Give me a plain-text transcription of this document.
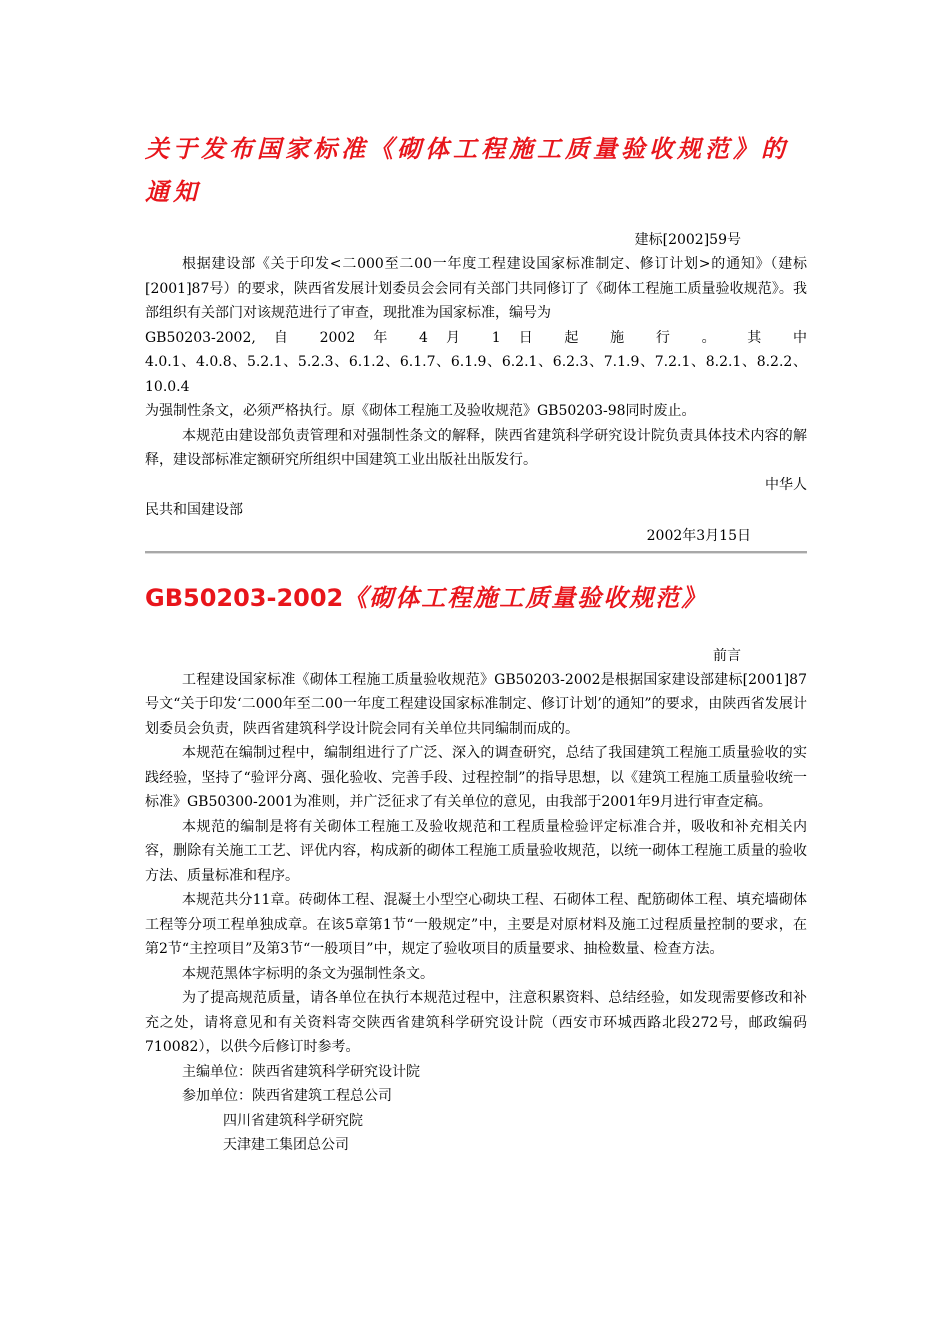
关于发布国家标准《砌体工程施工质量验收规范》的
通知
建标[2002]59号

根据建设部《关于印发<二000至二00一年度工程建设国家标准制定、修订计划>的通知》（建标[2001]87号）的要求，陕西省发展计划委员会会同有关部门共同修订了《砌体工程施工质量验收规范》。我部组织有关部门对该规范进行了审查，现批准为国家标准，编号为

GB50203-2002, 自 2002 年 4 月 1 日 起 施 行 。 其 中

4.0.1、4.0.8、5.2.1、5.2.3、6.1.2、6.1.7、6.1.9、6.2.1、6.2.3、7.1.9、7.2.1、8.2.1、8.2.2、10.0.4

为强制性条文，必须严格执行。原《砌体工程施工及验收规范》GB50203-98同时废止。

本规范由建设部负责管理和对强制性条文的解释，陕西省建筑科学研究设计院负责具体技术内容的解释，建设部标准定额研究所组织中国建筑工业出版社出版发行。

中华人
民共和国建设部
2002年3月15日
GB50203-2002《砌体工程施工质量验收规范》
前言

工程建设国家标准《砌体工程施工质量验收规范》GB50203-2002是根据国家建设部建标[2001]87号文“关于印发‘二000年至二00一年度工程建设国家标准制定、修订计划’的通知”的要求，由陕西省发展计划委员会负责，陕西省建筑科学设计院会同有关单位共同编制而成的。

本规范在编制过程中，编制组进行了广泛、深入的调查研究，总结了我国建筑工程施工质量验收的实践经验，坚持了“验评分离、强化验收、完善手段、过程控制”的指导思想，以《建筑工程施工质量验收统一标准》GB50300-2001为准则，并广泛征求了有关单位的意见，由我部于2001年9月进行审查定稿。

本规范的编制是将有关砌体工程施工及验收规范和工程质量检验评定标准合并，吸收和补充相关内容，删除有关施工工艺、评优内容，构成新的砌体工程施工质量验收规范，以统一砌体工程施工质量的验收方法、质量标准和程序。

本规范共分11章。砖砌体工程、混凝土小型空心砌块工程、石砌体工程、配筋砌体工程、填充墙砌体工程等分项工程单独成章。在该5章第1节“一般规定”中，主要是对原材料及施工过程质量控制的要求，在第2节“主控项目”及第3节“一般项目”中，规定了验收项目的质量要求、抽检数量、检查方法。

本规范黑体字标明的条文为强制性条文。

为了提高规范质量，请各单位在执行本规范过程中，注意积累资料、总结经验，如发现需要修改和补充之处，请将意见和有关资料寄交陕西省建筑科学研究设计院（西安市环城西路北段272号，邮政编码710082），以供今后修订时参考。

主编单位：陕西省建筑科学研究设计院
参加单位：陕西省建筑工程总公司
四川省建筑科学研究院
天津建工集团总公司
